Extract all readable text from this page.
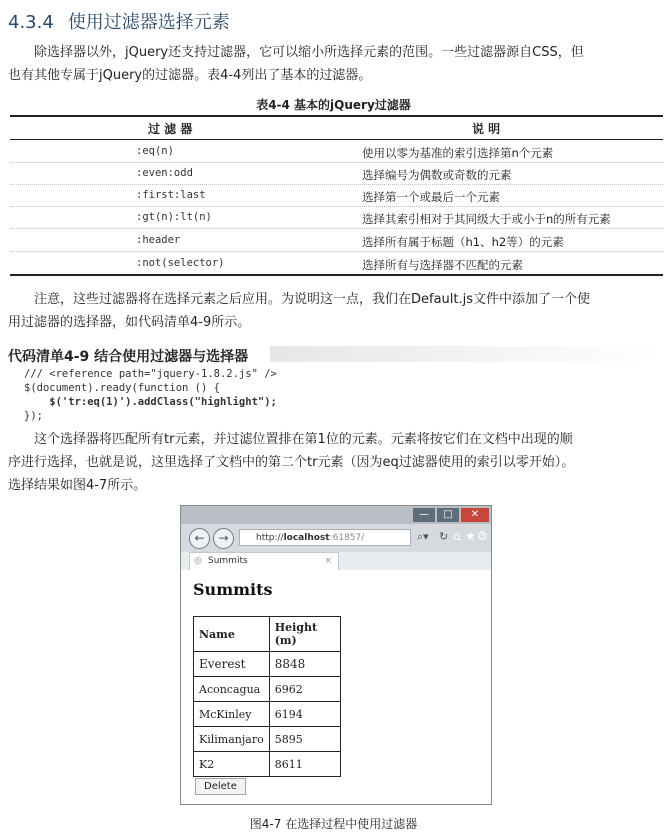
4.3.4 使用过滤器选择元素
除选择器以外，jQuery还支持过滤器，它可以缩小所选择元素的范围。一些过滤器源自CSS，但
也有其他专属于jQuery的过滤器。表4-4列出了基本的过滤器。
表4-4 基本的jQuery过滤器
过 滤 器	说 明
:eq(n)	使用以零为基准的索引选择第n个元素
:even:odd	选择编号为偶数或奇数的元素
:first:last	选择第一个或最后一个元素
:gt(n):lt(n)	选择其索引相对于其同级大于或小于n的所有元素
:header	选择所有属于标题（h1、h2等）的元素
:not(selector)	选择所有与选择器不匹配的元素
注意，这些过滤器将在选择元素之后应用。为说明这一点，我们在Default.js文件中添加了一个使
用过滤器的选择器，如代码清单4-9所示。
代码清单4-9 结合使用过滤器与选择器
/// <reference path="jquery-1.8.2.js" />
$(document).ready(function () {
$('tr:eq(1)').addClass("highlight");
});
这个选择器将匹配所有tr元素，并过滤位置排在第1位的元素。元素将按它们在文档中出现的顺
序进行选择，也就是说，这里选择了文档中的第二个tr元素（因为eq过滤器使用的索引以零开始）。
选择结果如图4-7所示。
—	□	✕
←	→	http://localhost:61857/	⌕▾ ↻ ⌂ ★ ⚙
◎ Summits	×
Summits
Name	Height (m)
Everest	8848
Aconcagua	6962
McKinley	6194
Kilimanjaro	5895
K2	8611
Delete
图4-7 在选择过程中使用过滤器
